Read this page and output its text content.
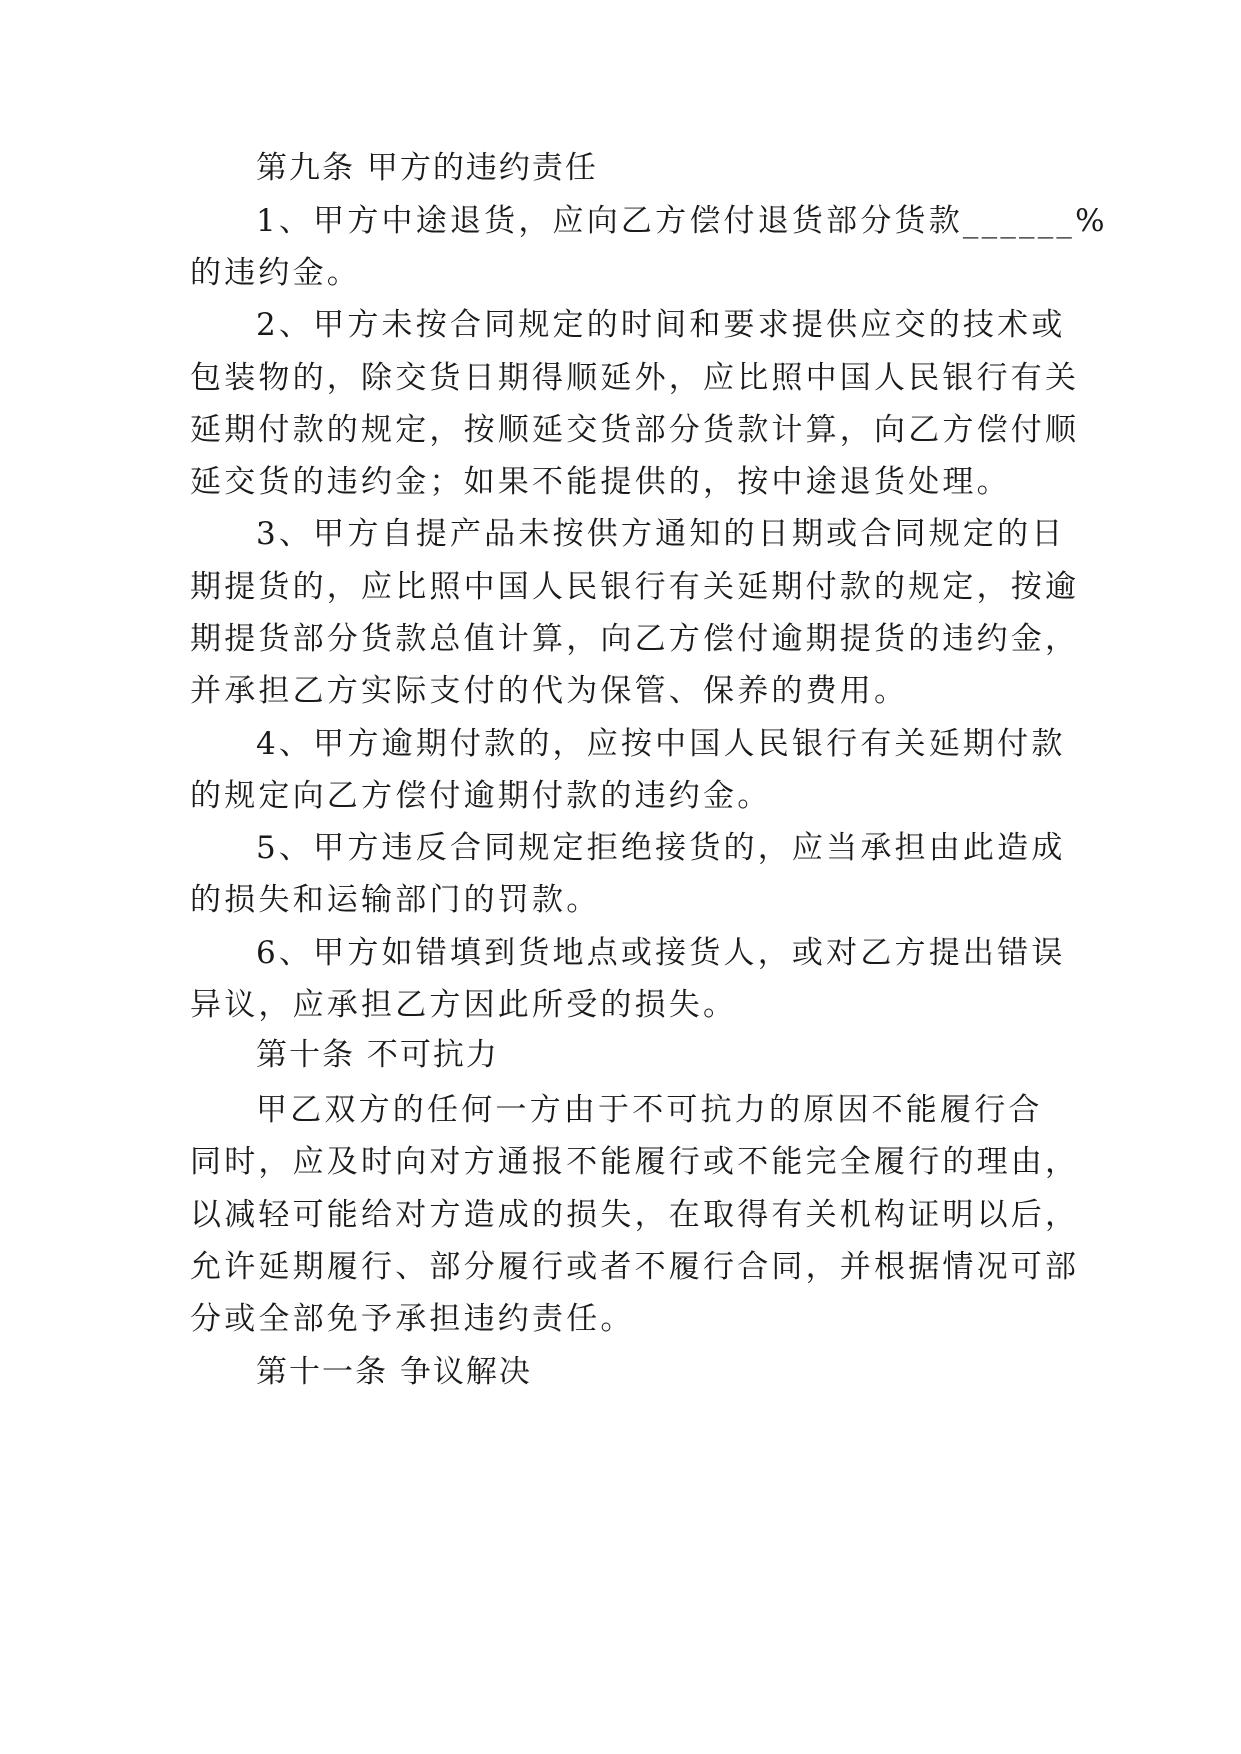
第九条 甲方的违约责任
1、甲方中途退货，应向乙方偿付退货部分货款______%
的违约金。
2、甲方未按合同规定的时间和要求提供应交的技术或
包装物的，除交货日期得顺延外，应比照中国人民银行有关
延期付款的规定，按顺延交货部分货款计算，向乙方偿付顺
延交货的违约金；如果不能提供的，按中途退货处理。
3、甲方自提产品未按供方通知的日期或合同规定的日
期提货的，应比照中国人民银行有关延期付款的规定，按逾
期提货部分货款总值计算，向乙方偿付逾期提货的违约金，
并承担乙方实际支付的代为保管、保养的费用。
4、甲方逾期付款的，应按中国人民银行有关延期付款
的规定向乙方偿付逾期付款的违约金。
5、甲方违反合同规定拒绝接货的，应当承担由此造成
的损失和运输部门的罚款。
6、甲方如错填到货地点或接货人，或对乙方提出错误
异议，应承担乙方因此所受的损失。
第十条 不可抗力
甲乙双方的任何一方由于不可抗力的原因不能履行合
同时，应及时向对方通报不能履行或不能完全履行的理由，
以减轻可能给对方造成的损失，在取得有关机构证明以后，
允许延期履行、部分履行或者不履行合同，并根据情况可部
分或全部免予承担违约责任。
第十一条 争议解决
